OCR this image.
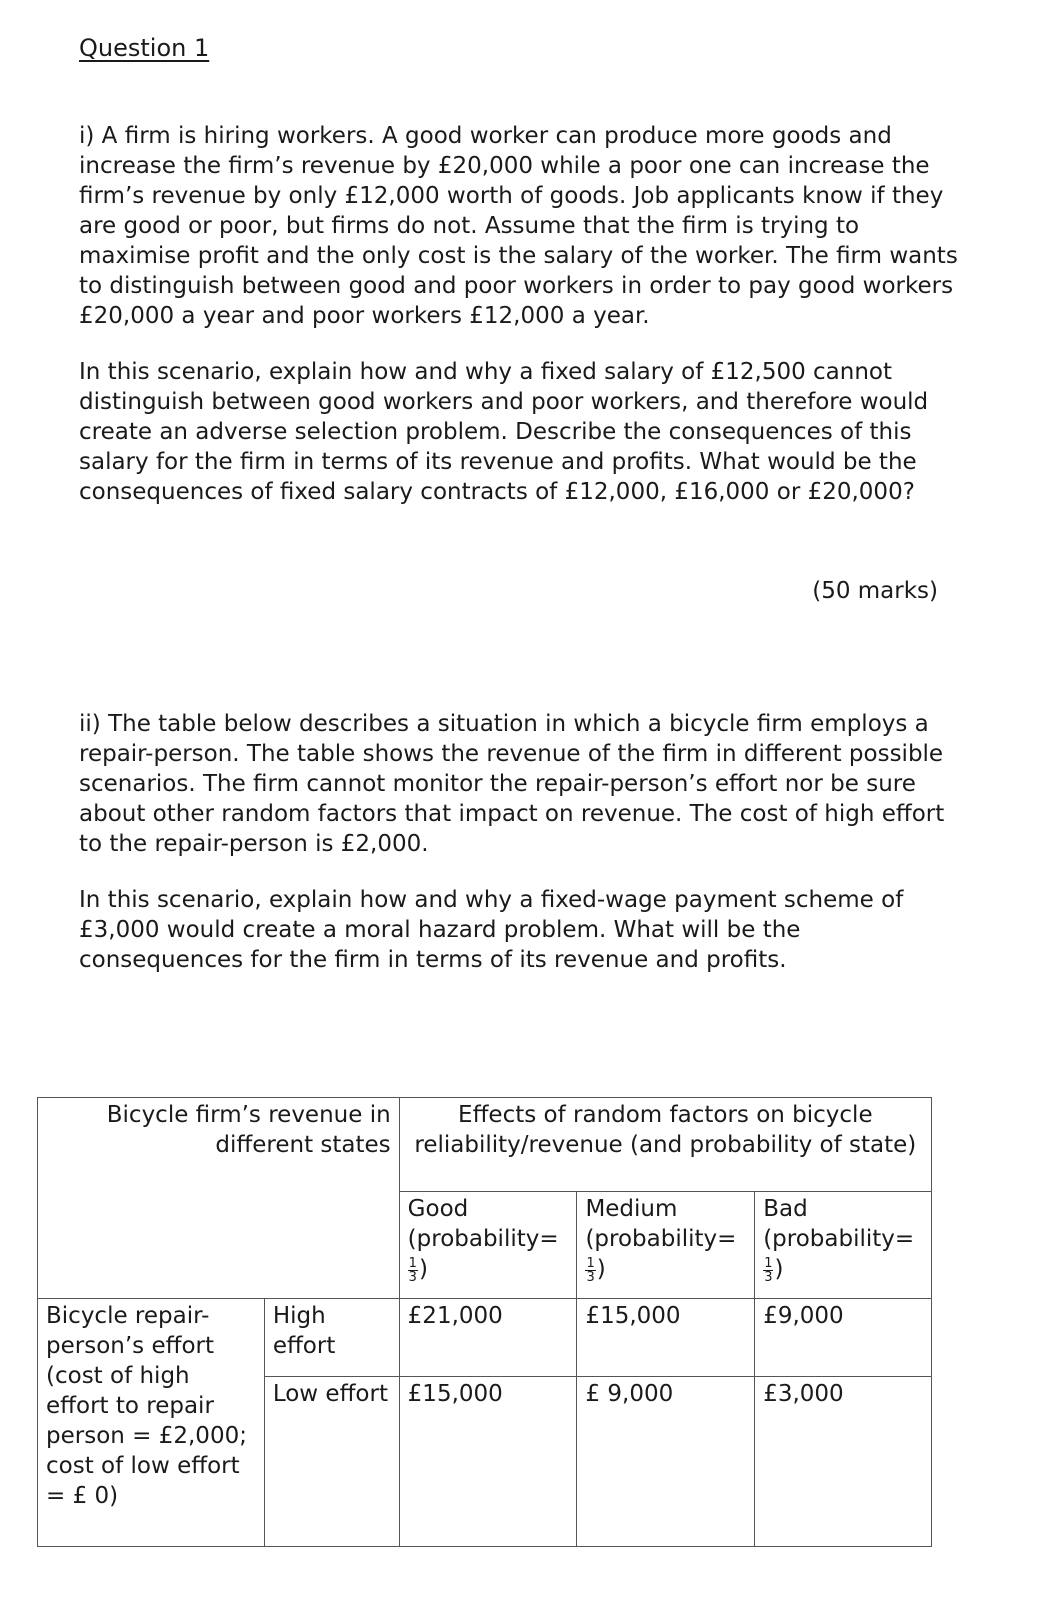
Question 1

i) A firm is hiring workers. A good worker can produce more goods and increase the firm’s revenue by £20,000 while a poor one can increase the firm’s revenue by only £12,000 worth of goods. Job applicants know if they are good or poor, but firms do not. Assume that the firm is trying to maximise profit and the only cost is the salary of the worker. The firm wants to distinguish between good and poor workers in order to pay good workers £20,000 a year and poor workers £12,000 a year.

In this scenario, explain how and why a fixed salary of £12,500 cannot distinguish between good workers and poor workers, and therefore would create an adverse selection problem. Describe the consequences of this salary for the firm in terms of its revenue and profits. What would be the consequences of fixed salary contracts of £12,000, £16,000 or £20,000?

(50 marks)

ii) The table below describes a situation in which a bicycle firm employs a repair-person. The table shows the revenue of the firm in different possible scenarios. The firm cannot monitor the repair-person’s effort nor be sure about other random factors that impact on revenue. The cost of high effort to the repair-person is £2,000.

In this scenario, explain how and why a fixed-wage payment scheme of £3,000 would create a moral hazard problem. What will be the consequences for the firm in terms of its revenue and profits.

Bicycle firm’s revenue in different states		Effects of random factors on bicycle reliability/revenue (and probability of state)		
		Good
(probability=

$\frac{1}{3}$ )	Medium
(probability=

$\frac{1}{3}$ )	Bad
(probability=

$\frac{1}{3}$ )
Bicycle repair-person’s effort (cost of high effort to repair person = £2,000; cost of low effort = £ 0)	High effort	£21,000	£15,000	£9,000
	Low effort	£15,000	£ 9,000	£3,000
